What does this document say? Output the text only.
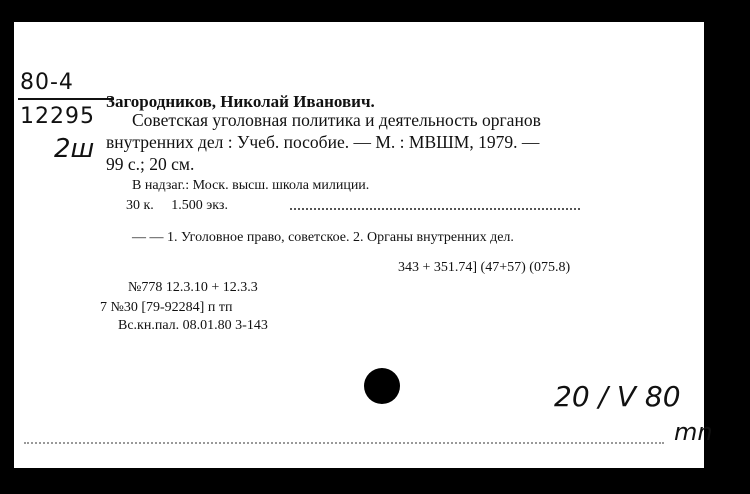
80-4
12295
2ш
Загородников, Николай Иванович.
Советская уголовная политика и деятельность органов
внутренних дел : Учеб. пособие. — М. : МВШМ, 1979. —
99 с.; 20 см.
В надзаг.: Моск. высш. школа милиции.
30 к.     1.500 экз.
— — 1. Уголовное право, советское. 2. Органы внутренних дел.
343 + 351.74] (47+57) (075.8)
№778 12.3.10 + 12.3.3
7 №30 [79-92284] п тп
Вс.кн.пал. 08.01.80 3-143
20 / V 80
mn
